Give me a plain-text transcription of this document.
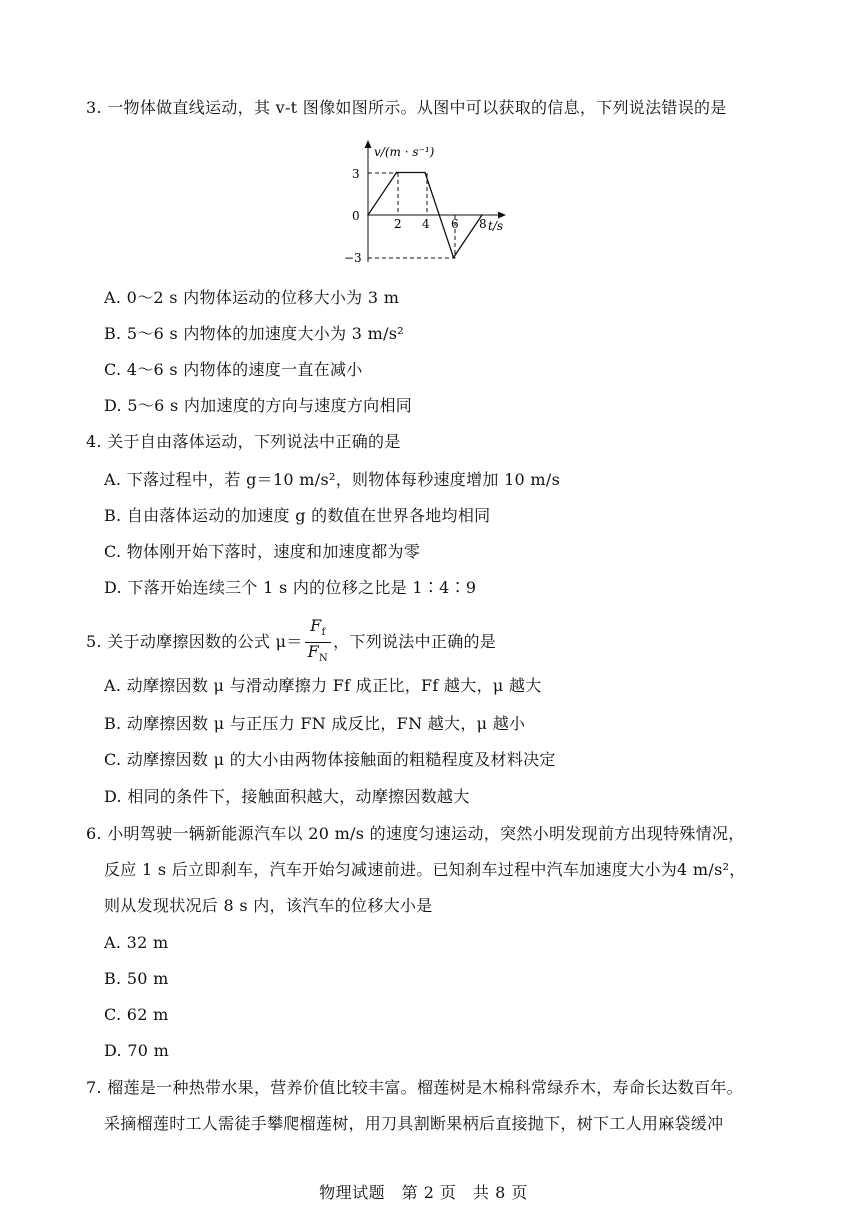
3. 一物体做直线运动，其 v-t 图像如图所示。从图中可以获取的信息，下列说法错误的是
v/(m · s⁻¹)
t/s
3
0
−3
2 4 6 8
A. 0～2 s 内物体运动的位移大小为 3 m
B. 5～6 s 内物体的加速度大小为 3 m/s²
C. 4～6 s 内物体的速度一直在减小
D. 5～6 s 内加速度的方向与速度方向相同
4. 关于自由落体运动，下列说法中正确的是
A. 下落过程中，若 g＝10 m/s²，则物体每秒速度增加 10 m/s
B. 自由落体运动的加速度 g 的数值在世界各地均相同
C. 物体刚开始下落时，速度和加速度都为零
D. 下落开始连续三个 1 s 内的位移之比是 1∶4∶9
5. 关于动摩擦因数的公式 $\mu= \frac{F_f}{F_N}$ ，下列说法中正确的是
A. 动摩擦因数 μ 与滑动摩擦力 Ff 成正比，Ff 越大，μ 越大
B. 动摩擦因数 μ 与正压力 FN 成反比，FN 越大，μ 越小
C. 动摩擦因数 μ 的大小由两物体接触面的粗糙程度及材料决定
D. 相同的条件下，接触面积越大，动摩擦因数越大
6. 小明驾驶一辆新能源汽车以 20 m/s 的速度匀速运动，突然小明发现前方出现特殊情况，
反应 1 s 后立即刹车，汽车开始匀减速前进。已知刹车过程中汽车加速度大小为4 m/s²，
则从发现状况后 8 s 内，该汽车的位移大小是
A. 32 m
B. 50 m
C. 62 m
D. 70 m
7. 榴莲是一种热带水果，营养价值比较丰富。榴莲树是木棉科常绿乔木，寿命长达数百年。
采摘榴莲时工人需徒手攀爬榴莲树，用刀具割断果柄后直接抛下，树下工人用麻袋缓冲
物理试题　第 2 页　共 8 页
